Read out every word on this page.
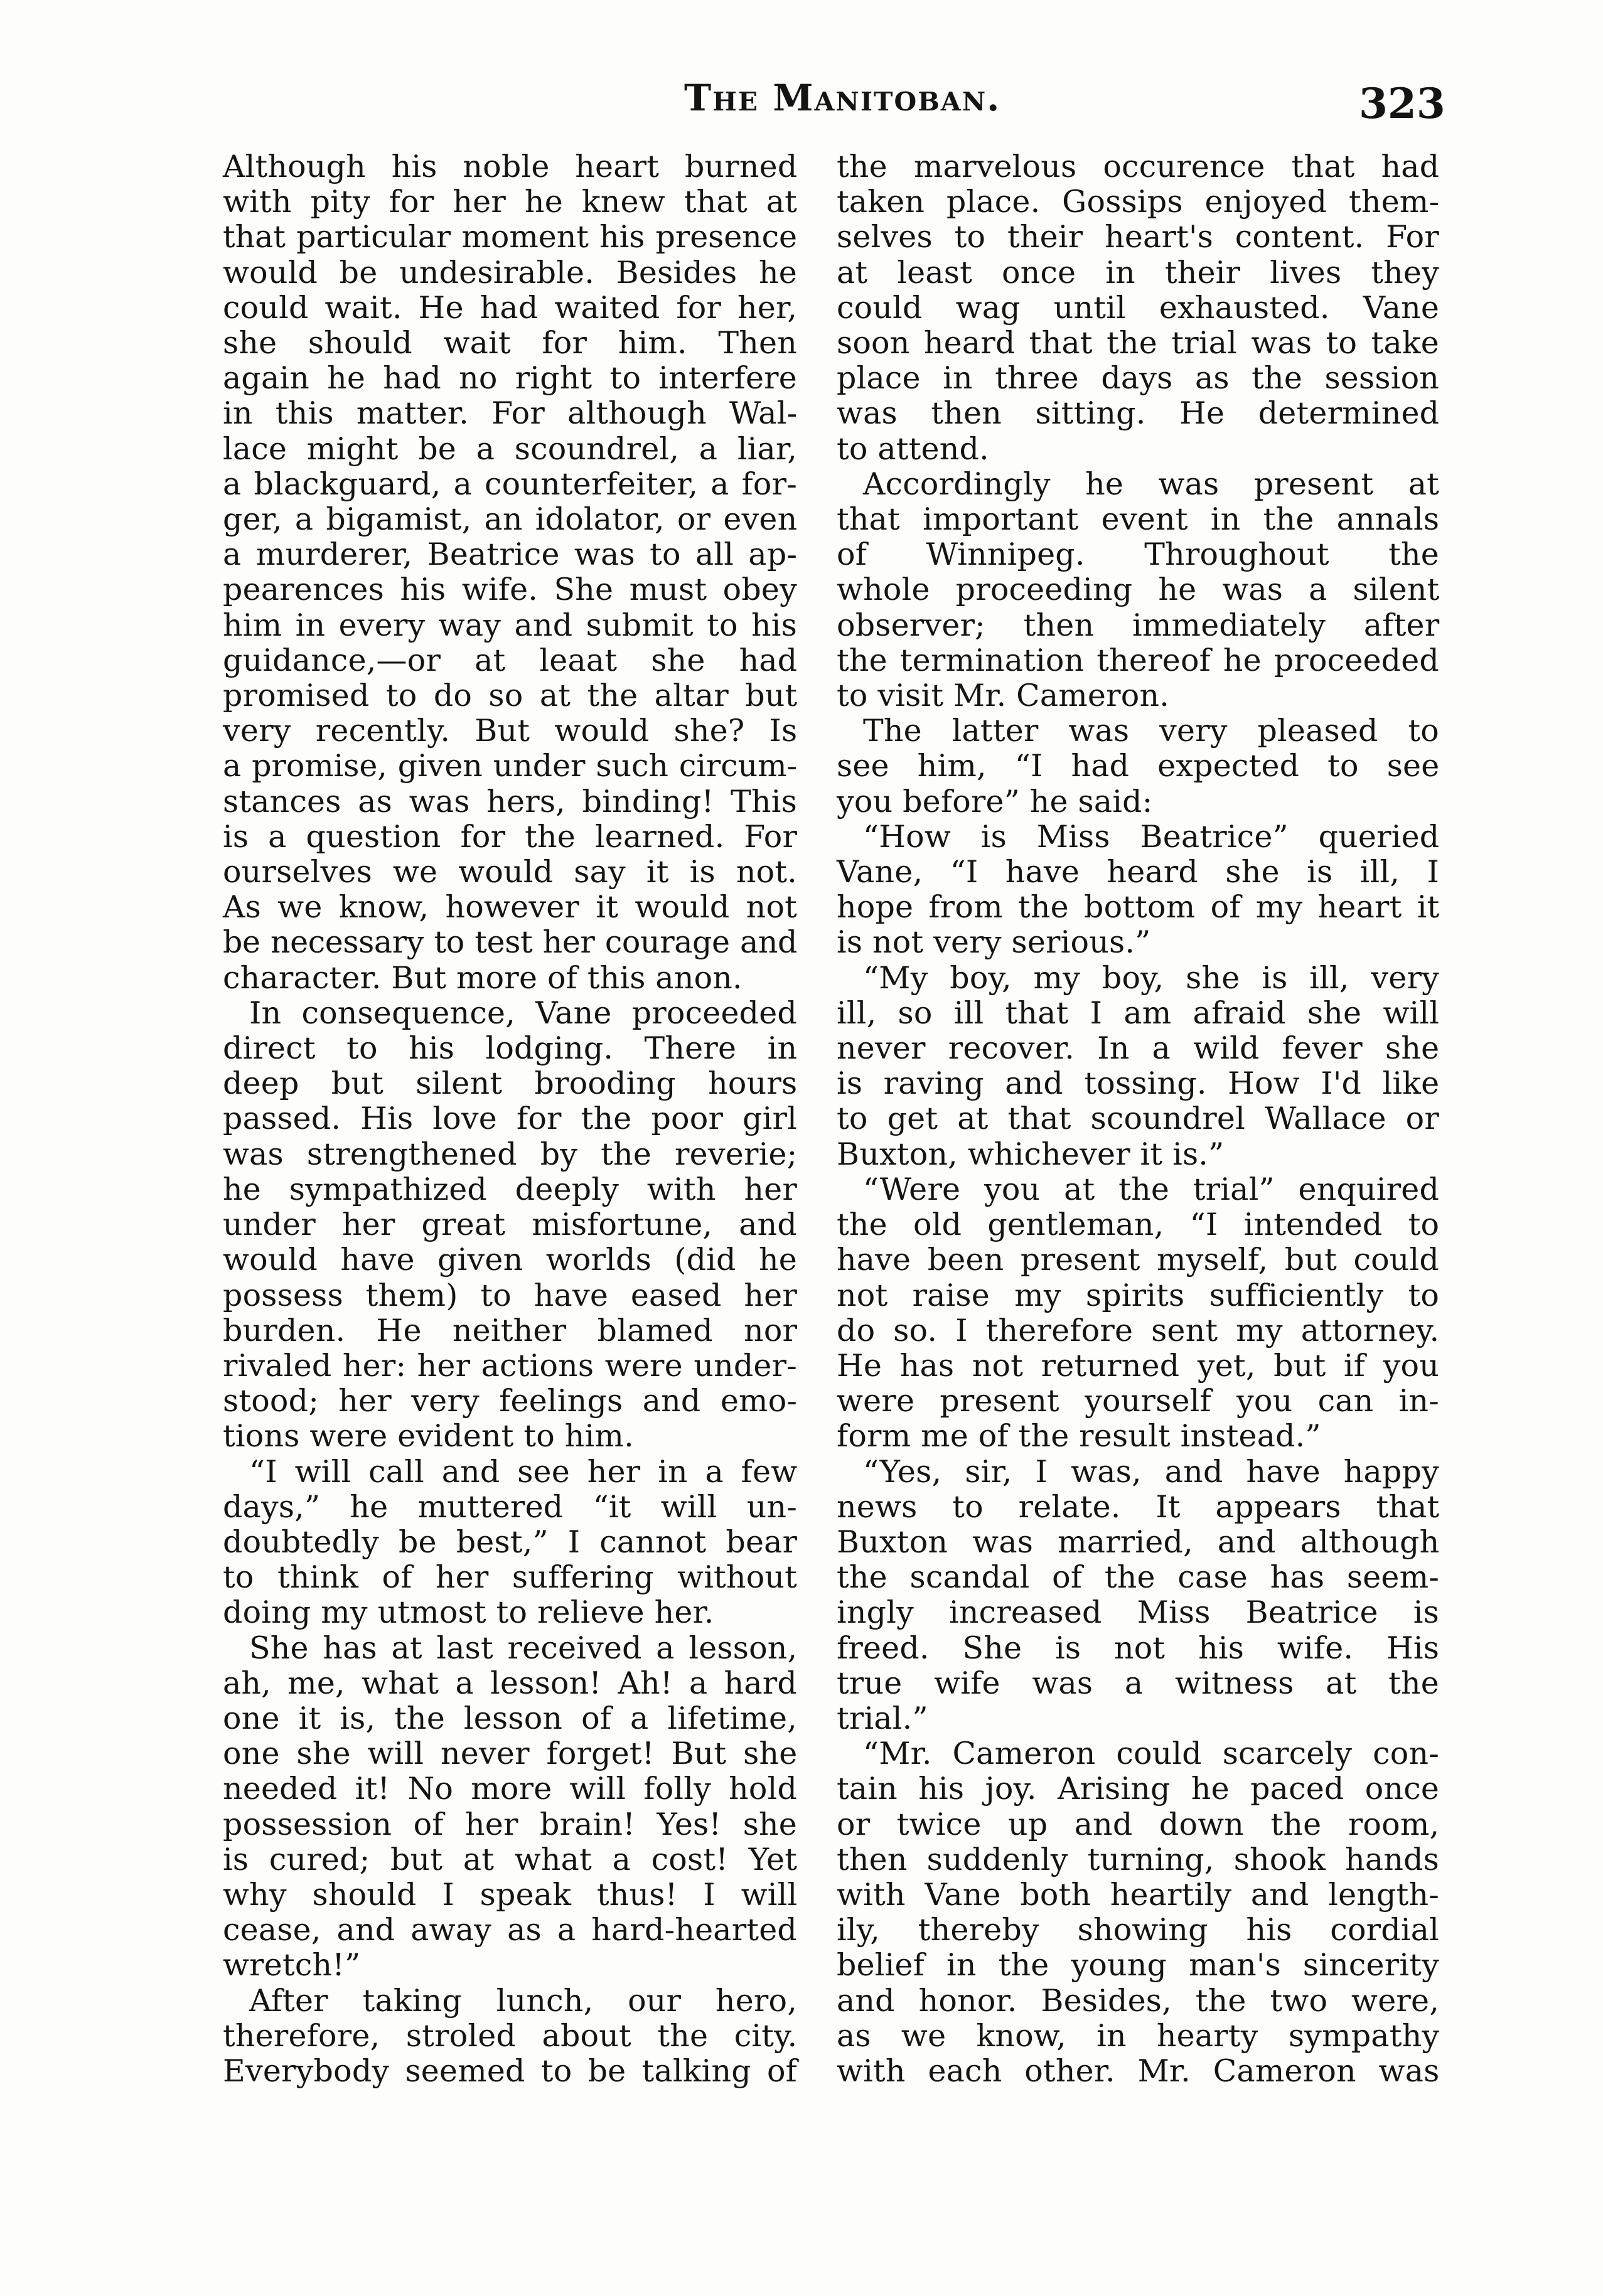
The Manitoban.	323
Although his noble heart burned
with pity for her he knew that at
that particular moment his presence
would be undesirable. Besides he
could wait. He had waited for her,
she should wait for him. Then
again he had no right to interfere
in this matter. For although Wal-
lace might be a scoundrel, a liar,
a blackguard, a counterfeiter, a for-
ger, a bigamist, an idolator, or even
a murderer, Beatrice was to all ap-
pearences his wife. She must obey
him in every way and submit to his
guidance,—or at leaat she had
promised to do so at the altar but
very recently. But would she? Is
a promise, given under such circum-
stances as was hers, binding! This
is a question for the learned. For
ourselves we would say it is not.
As we know, however it would not
be necessary to test her courage and
character. But more of this anon.
In consequence, Vane proceeded
direct to his lodging. There in
deep but silent brooding hours
passed. His love for the poor girl
was strengthened by the reverie;
he sympathized deeply with her
under her great misfortune, and
would have given worlds (did he
possess them) to have eased her
burden. He neither blamed nor
rivaled her: her actions were under-
stood; her very feelings and emo-
tions were evident to him.
“I will call and see her in a few
days,” he muttered “it will un-
doubtedly be best,” I cannot bear
to think of her suffering without
doing my utmost to relieve her.
She has at last received a lesson,
ah, me, what a lesson! Ah! a hard
one it is, the lesson of a lifetime,
one she will never forget! But she
needed it! No more will folly hold
possession of her brain! Yes! she
is cured; but at what a cost! Yet
why should I speak thus! I will
cease, and away as a hard-hearted
wretch!”
After taking lunch, our hero,
therefore, stroled about the city.
Everybody seemed to be talking of
the marvelous occurence that had
taken place. Gossips enjoyed them-
selves to their heart's content. For
at least once in their lives they
could wag until exhausted. Vane
soon heard that the trial was to take
place in three days as the session
was then sitting. He determined
to attend.
Accordingly he was present at
that important event in the annals
of Winnipeg. Throughout the
whole proceeding he was a silent
observer; then immediately after
the termination thereof he proceeded
to visit Mr. Cameron.
The latter was very pleased to
see him, “I had expected to see
you before” he said:
“How is Miss Beatrice” queried
Vane, “I have heard she is ill, I
hope from the bottom of my heart it
is not very serious.”
“My boy, my boy, she is ill, very
ill, so ill that I am afraid she will
never recover. In a wild fever she
is raving and tossing. How I'd like
to get at that scoundrel Wallace or
Buxton, whichever it is.”
“Were you at the trial” enquired
the old gentleman, “I intended to
have been present myself, but could
not raise my spirits sufficiently to
do so. I therefore sent my attorney.
He has not returned yet, but if you
were present yourself you can in-
form me of the result instead.”
“Yes, sir, I was, and have happy
news to relate. It appears that
Buxton was married, and although
the scandal of the case has seem-
ingly increased Miss Beatrice is
freed. She is not his wife. His
true wife was a witness at the
trial.”
“Mr. Cameron could scarcely con-
tain his joy. Arising he paced once
or twice up and down the room,
then suddenly turning, shook hands
with Vane both heartily and length-
ily, thereby showing his cordial
belief in the young man's sincerity
and honor. Besides, the two were,
as we know, in hearty sympathy
with each other. Mr. Cameron was
